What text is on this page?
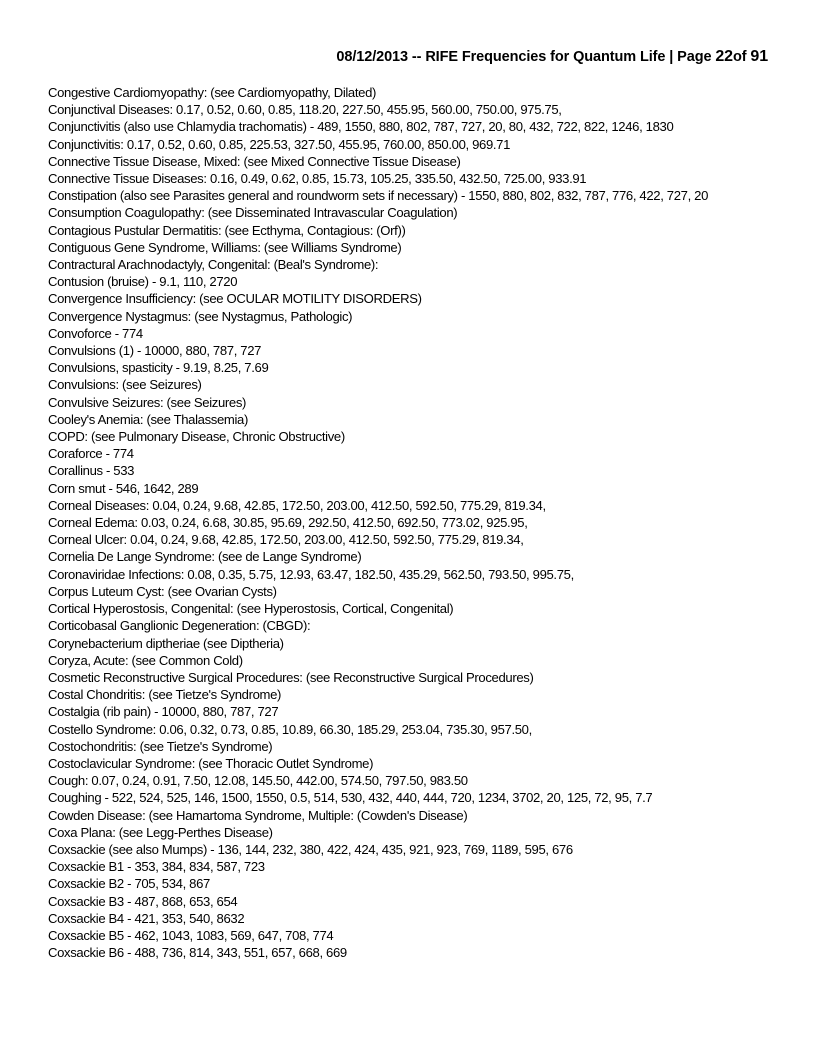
08/12/2013 -- RIFE Frequencies for Quantum Life | Page 22of 91
Congestive Cardiomyopathy: (see Cardiomyopathy, Dilated)
Conjunctival Diseases: 0.17, 0.52, 0.60, 0.85, 118.20, 227.50, 455.95, 560.00, 750.00, 975.75,
Conjunctivitis (also use Chlamydia trachomatis) - 489, 1550, 880, 802, 787, 727, 20, 80, 432, 722, 822, 1246, 1830
Conjunctivitis: 0.17, 0.52, 0.60, 0.85, 225.53, 327.50, 455.95, 760.00, 850.00, 969.71
Connective Tissue Disease, Mixed: (see Mixed Connective Tissue Disease)
Connective Tissue Diseases: 0.16, 0.49, 0.62, 0.85, 15.73, 105.25, 335.50, 432.50, 725.00, 933.91
Constipation (also see Parasites general and roundworm sets if necessary) - 1550, 880, 802, 832, 787, 776, 422, 727, 20
Consumption Coagulopathy: (see Disseminated Intravascular Coagulation)
Contagious Pustular Dermatitis: (see Ecthyma, Contagious: (Orf))
Contiguous Gene Syndrome, Williams: (see Williams Syndrome)
Contractural Arachnodactyly, Congenital: (Beal's Syndrome):
Contusion (bruise) - 9.1, 110, 2720
Convergence Insufficiency: (see OCULAR MOTILITY DISORDERS)
Convergence Nystagmus: (see Nystagmus, Pathologic)
Convoforce - 774
Convulsions (1) - 10000, 880, 787, 727
Convulsions, spasticity - 9.19, 8.25, 7.69
Convulsions: (see Seizures)
Convulsive Seizures: (see Seizures)
Cooley's Anemia: (see Thalassemia)
COPD: (see Pulmonary Disease, Chronic Obstructive)
Coraforce - 774
Corallinus - 533
Corn smut - 546, 1642, 289
Corneal Diseases: 0.04, 0.24, 9.68, 42.85, 172.50, 203.00, 412.50, 592.50, 775.29, 819.34,
Corneal Edema: 0.03, 0.24, 6.68, 30.85, 95.69, 292.50, 412.50, 692.50, 773.02, 925.95,
Corneal Ulcer: 0.04, 0.24, 9.68, 42.85, 172.50, 203.00, 412.50, 592.50, 775.29, 819.34,
Cornelia De Lange Syndrome: (see de Lange Syndrome)
Coronaviridae Infections: 0.08, 0.35, 5.75, 12.93, 63.47, 182.50, 435.29, 562.50, 793.50, 995.75,
Corpus Luteum Cyst: (see Ovarian Cysts)
Cortical Hyperostosis, Congenital: (see Hyperostosis, Cortical, Congenital)
Corticobasal Ganglionic Degeneration: (CBGD):
Corynebacterium diptheriae (see Diptheria)
Coryza, Acute: (see Common Cold)
Cosmetic Reconstructive Surgical Procedures: (see Reconstructive Surgical Procedures)
Costal Chondritis: (see Tietze's Syndrome)
Costalgia (rib pain) - 10000, 880, 787, 727
Costello Syndrome: 0.06, 0.32, 0.73, 0.85, 10.89, 66.30, 185.29, 253.04, 735.30, 957.50,
Costochondritis: (see Tietze's Syndrome)
Costoclavicular Syndrome: (see Thoracic Outlet Syndrome)
Cough: 0.07, 0.24, 0.91, 7.50, 12.08, 145.50, 442.00, 574.50, 797.50, 983.50
Coughing - 522, 524, 525, 146, 1500, 1550, 0.5, 514, 530, 432, 440, 444, 720, 1234, 3702, 20, 125, 72, 95, 7.7
Cowden Disease: (see Hamartoma Syndrome, Multiple: (Cowden's Disease)
Coxa Plana: (see Legg-Perthes Disease)
Coxsackie (see also Mumps) - 136, 144, 232, 380, 422, 424, 435, 921, 923, 769, 1189, 595, 676
Coxsackie B1 - 353, 384, 834, 587, 723
Coxsackie B2 - 705, 534, 867
Coxsackie B3 - 487, 868, 653, 654
Coxsackie B4 - 421, 353, 540, 8632
Coxsackie B5 - 462, 1043, 1083, 569, 647, 708, 774
Coxsackie B6 - 488, 736, 814, 343, 551, 657, 668, 669
